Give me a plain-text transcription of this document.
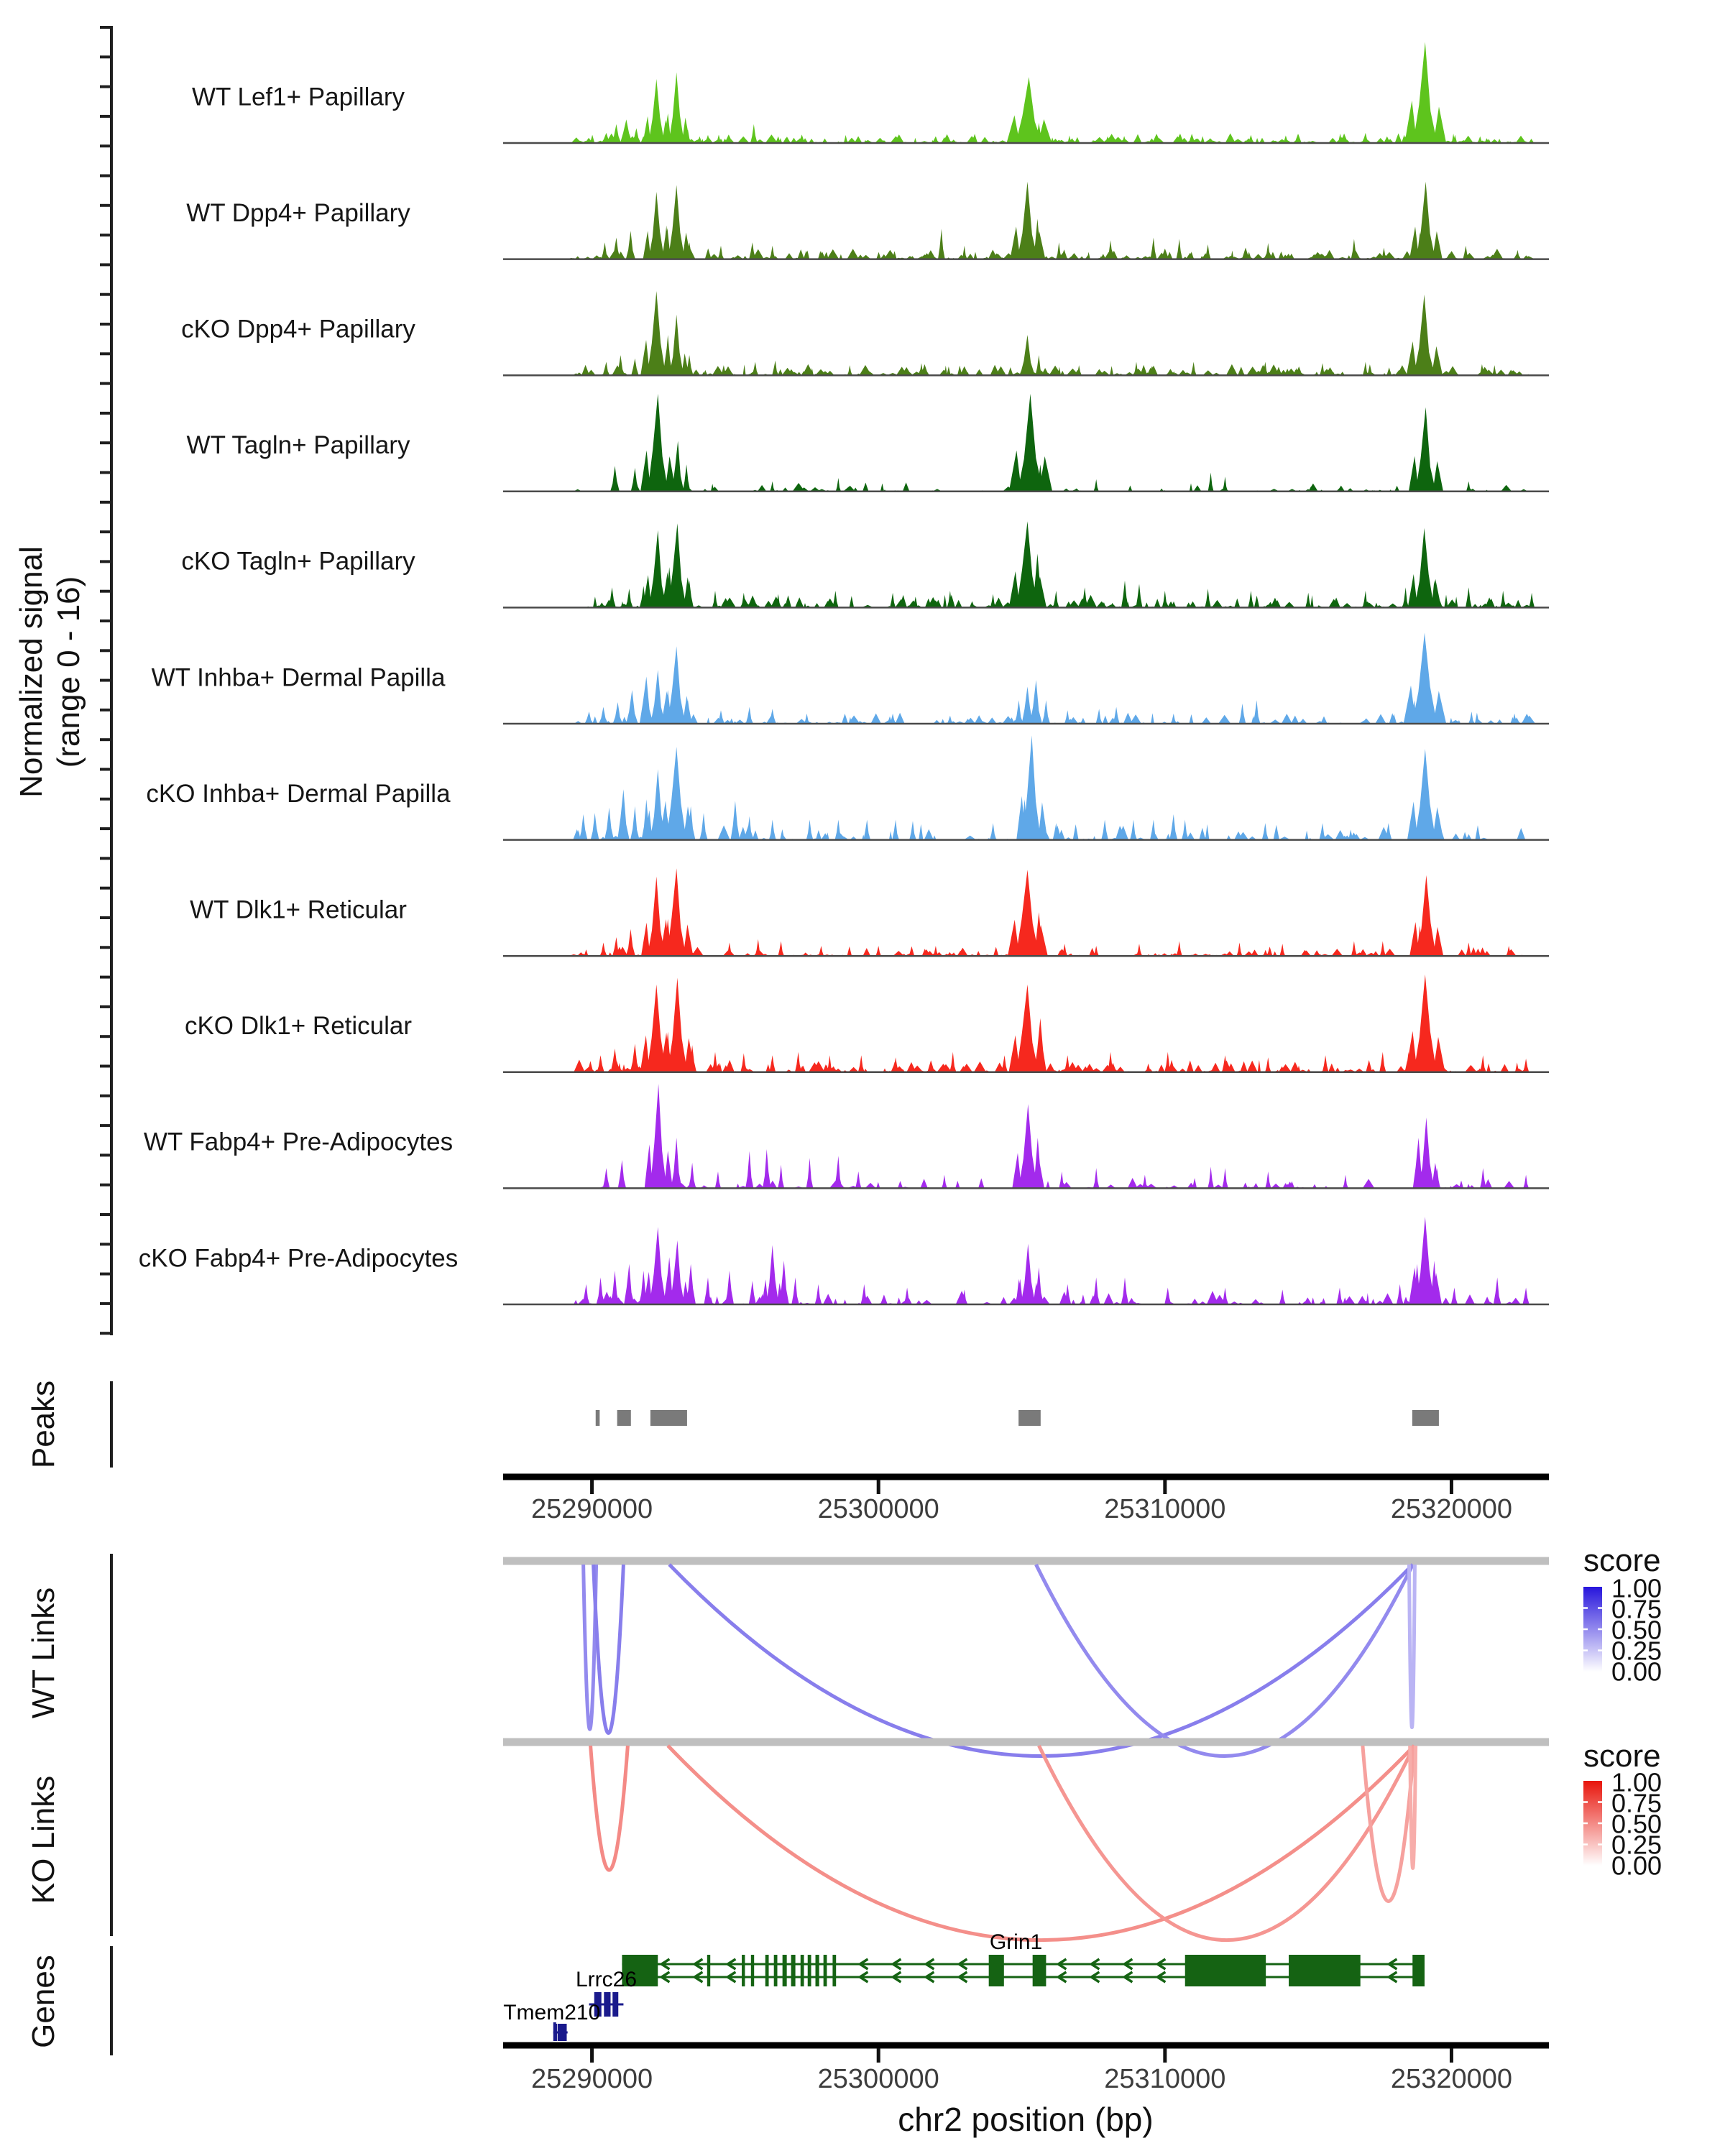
Normalized signal (range 0 - 16)
Peaks
WT Links
KO Links
Genes
score
score
chr2 position (bp)
WT Lef1+ Papillary
WT Dpp4+ Papillary
cKO Dpp4+ Papillary
WT Tagln+ Papillary
cKO Tagln+ Papillary
WT Inhba+ Dermal Papilla
cKO Inhba+ Dermal Papilla
WT Dlk1+ Reticular
cKO Dlk1+ Reticular
WT Fabp4+ Pre-Adipocytes
cKO Fabp4+ Pre-Adipocytes
25290000	25300000	25310000	25320000
25290000	25300000	25310000	25320000
1.00
0.75
0.50
0.25
0.00
1.00
0.75
0.50
0.25
0.00
Grin1
Lrrc26
Tmem210
